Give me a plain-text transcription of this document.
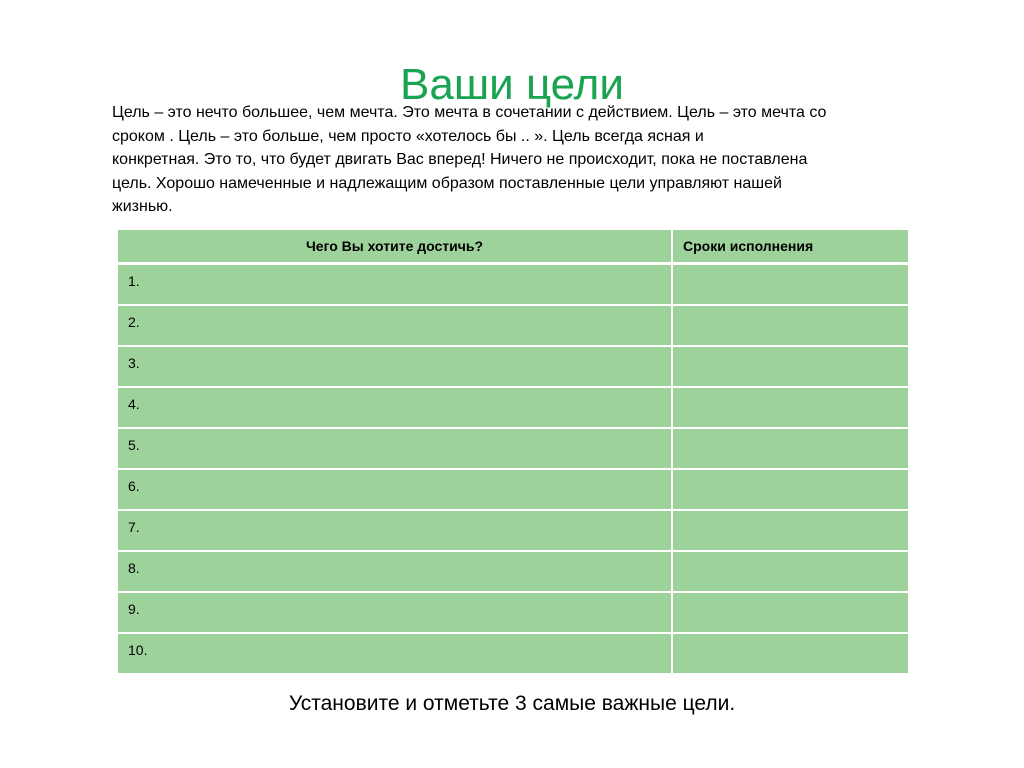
Ваши цели
Цель – это нечто большее, чем мечта. Это мечта в сочетании с действием. Цель – это мечта со
сроком . Цель – это больше, чем просто «хотелось бы .. ». Цель всегда ясная и
конкретная. Это то, что будет двигать Вас вперед! Ничего не происходит, пока не поставлена
цель. Хорошо намеченные и надлежащим образом поставленные цели управляют нашей
жизнью.
Чего Вы хотите достичь?	Сроки исполнения
1.	
2.	
3.	
4.	
5.	
6.	
7.	
8.	
9.	
10.	
Установите и отметьте 3 самые важные цели.
